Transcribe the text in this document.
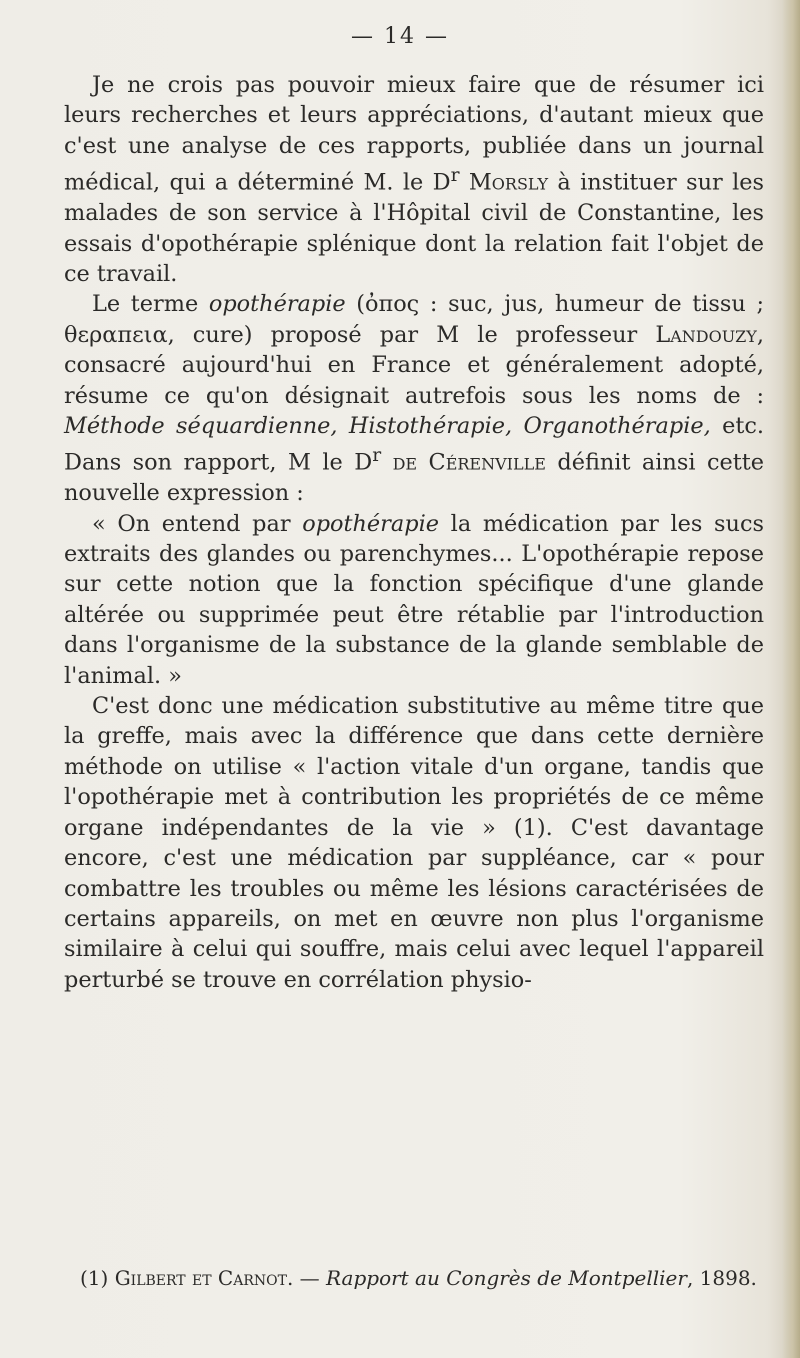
— 14 —

Je ne crois pas pouvoir mieux faire que de résumer ici leurs recherches et leurs appréciations, d'autant mieux que c'est une analyse de ces rapports, publiée dans un journal médical, qui a déterminé M. le $D^r$ Morsly à instituer sur les malades de son service à l'Hôpital civil de Constantine, les essais d'opothérapie splénique dont la relation fait l'objet de ce travail.

Le terme opothérapie (ὀπος : suc, jus, humeur de tissu ; θεραπεια, cure) proposé par M le professeur Landouzy, consacré aujourd'hui en France et généralement adopté, résume ce qu'on désignait autrefois sous les noms de : Méthode séquardienne, Histothérapie, Organothérapie, etc. Dans son rapport, M le $D^r$ de Cérenville définit ainsi cette nouvelle expression :

« On entend par opothérapie la médication par les sucs extraits des glandes ou parenchymes... L'opothérapie repose sur cette notion que la fonction spécifique d'une glande altérée ou supprimée peut être rétablie par l'introduction dans l'organisme de la substance de la glande semblable de l'animal. »

C'est donc une médication substitutive au même titre que la greffe, mais avec la différence que dans cette dernière méthode on utilise « l'action vitale d'un organe, tandis que l'opothérapie met à contribution les propriétés de ce même organe indépendantes de la vie » (1). C'est davantage encore, c'est une médication par suppléance, car « pour combattre les troubles ou même les lésions caractérisées de certains appareils, on met en œuvre non plus l'organisme similaire à celui qui souffre, mais celui avec lequel l'appareil perturbé se trouve en corrélation physio-

(1) Gilbert et Carnot. — Rapport au Congrès de Montpellier, 1898.
